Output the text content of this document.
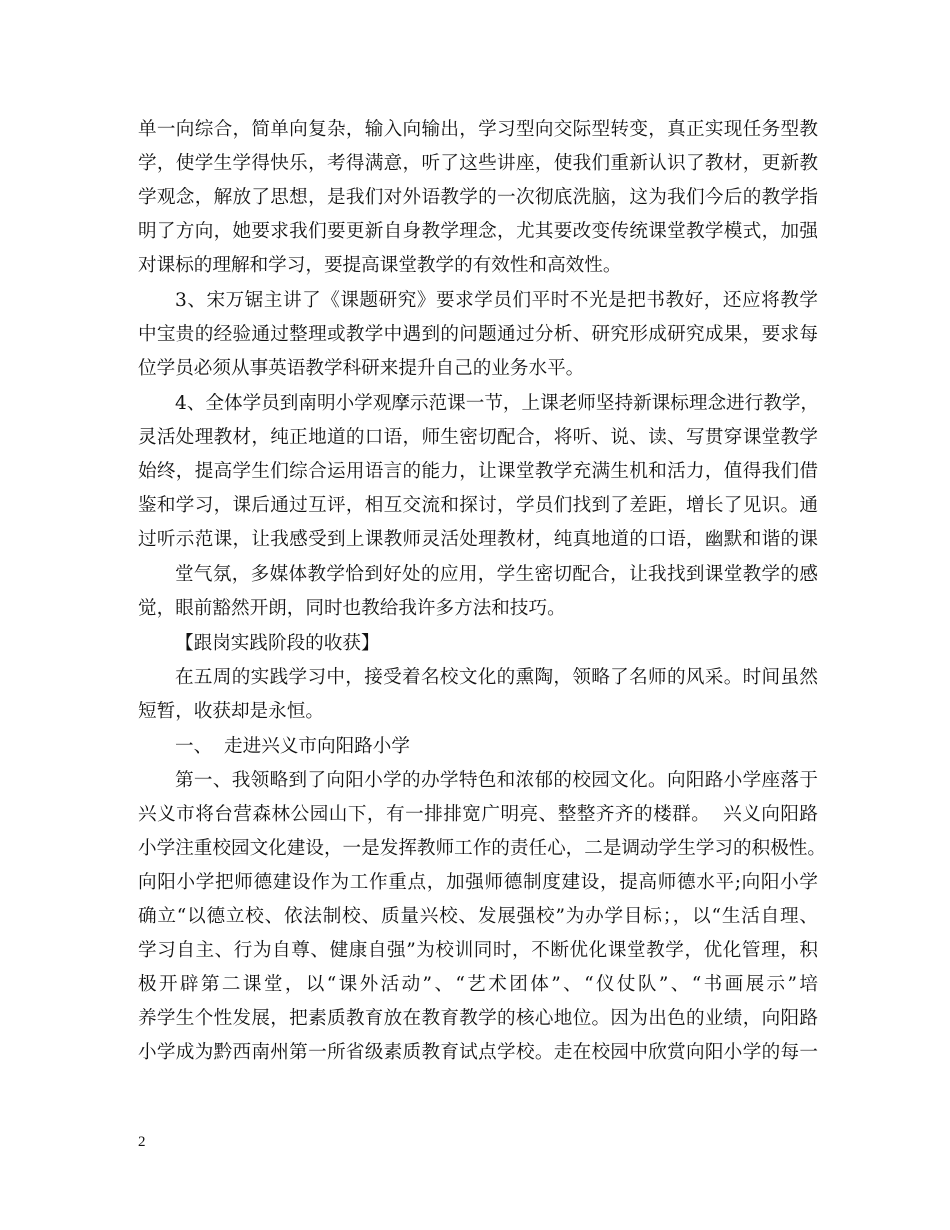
单一向综合，简单向复杂，输入向输出，学习型向交际型转变，真正实现任务型教
学，使学生学得快乐，考得满意，听了这些讲座，使我们重新认识了教材，更新教
学观念，解放了思想，是我们对外语教学的一次彻底洗脑，这为我们今后的教学指
明了方向，她要求我们要更新自身教学理念，尤其要改变传统课堂教学模式，加强
对课标的理解和学习，要提高课堂教学的有效性和高效性。
3、宋万锯主讲了《课题研究》要求学员们平时不光是把书教好，还应将教学
中宝贵的经验通过整理或教学中遇到的问题通过分析、研究形成研究成果，要求每
位学员必须从事英语教学科研来提升自己的业务水平。
4、全体学员到南明小学观摩示范课一节，上课老师坚持新课标理念进行教学，
灵活处理教材，纯正地道的口语，师生密切配合，将听、说、读、写贯穿课堂教学
始终，提高学生们综合运用语言的能力，让课堂教学充满生机和活力，值得我们借
鉴和学习，课后通过互评，相互交流和探讨，学员们找到了差距，增长了见识。通
过听示范课，让我感受到上课教师灵活处理教材，纯真地道的口语，幽默和谐的课
堂气氛，多媒体教学恰到好处的应用，学生密切配合，让我找到课堂教学的感
觉，眼前豁然开朗，同时也教给我许多方法和技巧。
【跟岗实践阶段的收获】
在五周的实践学习中，接受着名校文化的熏陶，领略了名师的风采。时间虽然
短暂，收获却是永恒。
一、  走进兴义市向阳路小学
第一、我领略到了向阳小学的办学特色和浓郁的校园文化。向阳路小学座落于
兴义市将台营森林公园山下，有一排排宽广明亮、整整齐齐的楼群。  兴义向阳路
小学注重校园文化建设，一是发挥教师工作的责任心，二是调动学生学习的积极性。
向阳小学把师德建设作为工作重点，加强师德制度建设，提高师德水平;向阳小学
确立“以德立校、依法制校、质量兴校、发展强校”为办学目标；，以“生活自理、
学习自主、行为自尊、健康自强”为校训同时，不断优化课堂教学，优化管理，积
极开辟第二课堂，以“课外活动”、“艺术团体”、“仪仗队”、“书画展示”培
养学生个性发展，把素质教育放在教育教学的核心地位。因为出色的业绩，向阳路
小学成为黔西南州第一所省级素质教育试点学校。走在校园中欣赏向阳小学的每一
2
